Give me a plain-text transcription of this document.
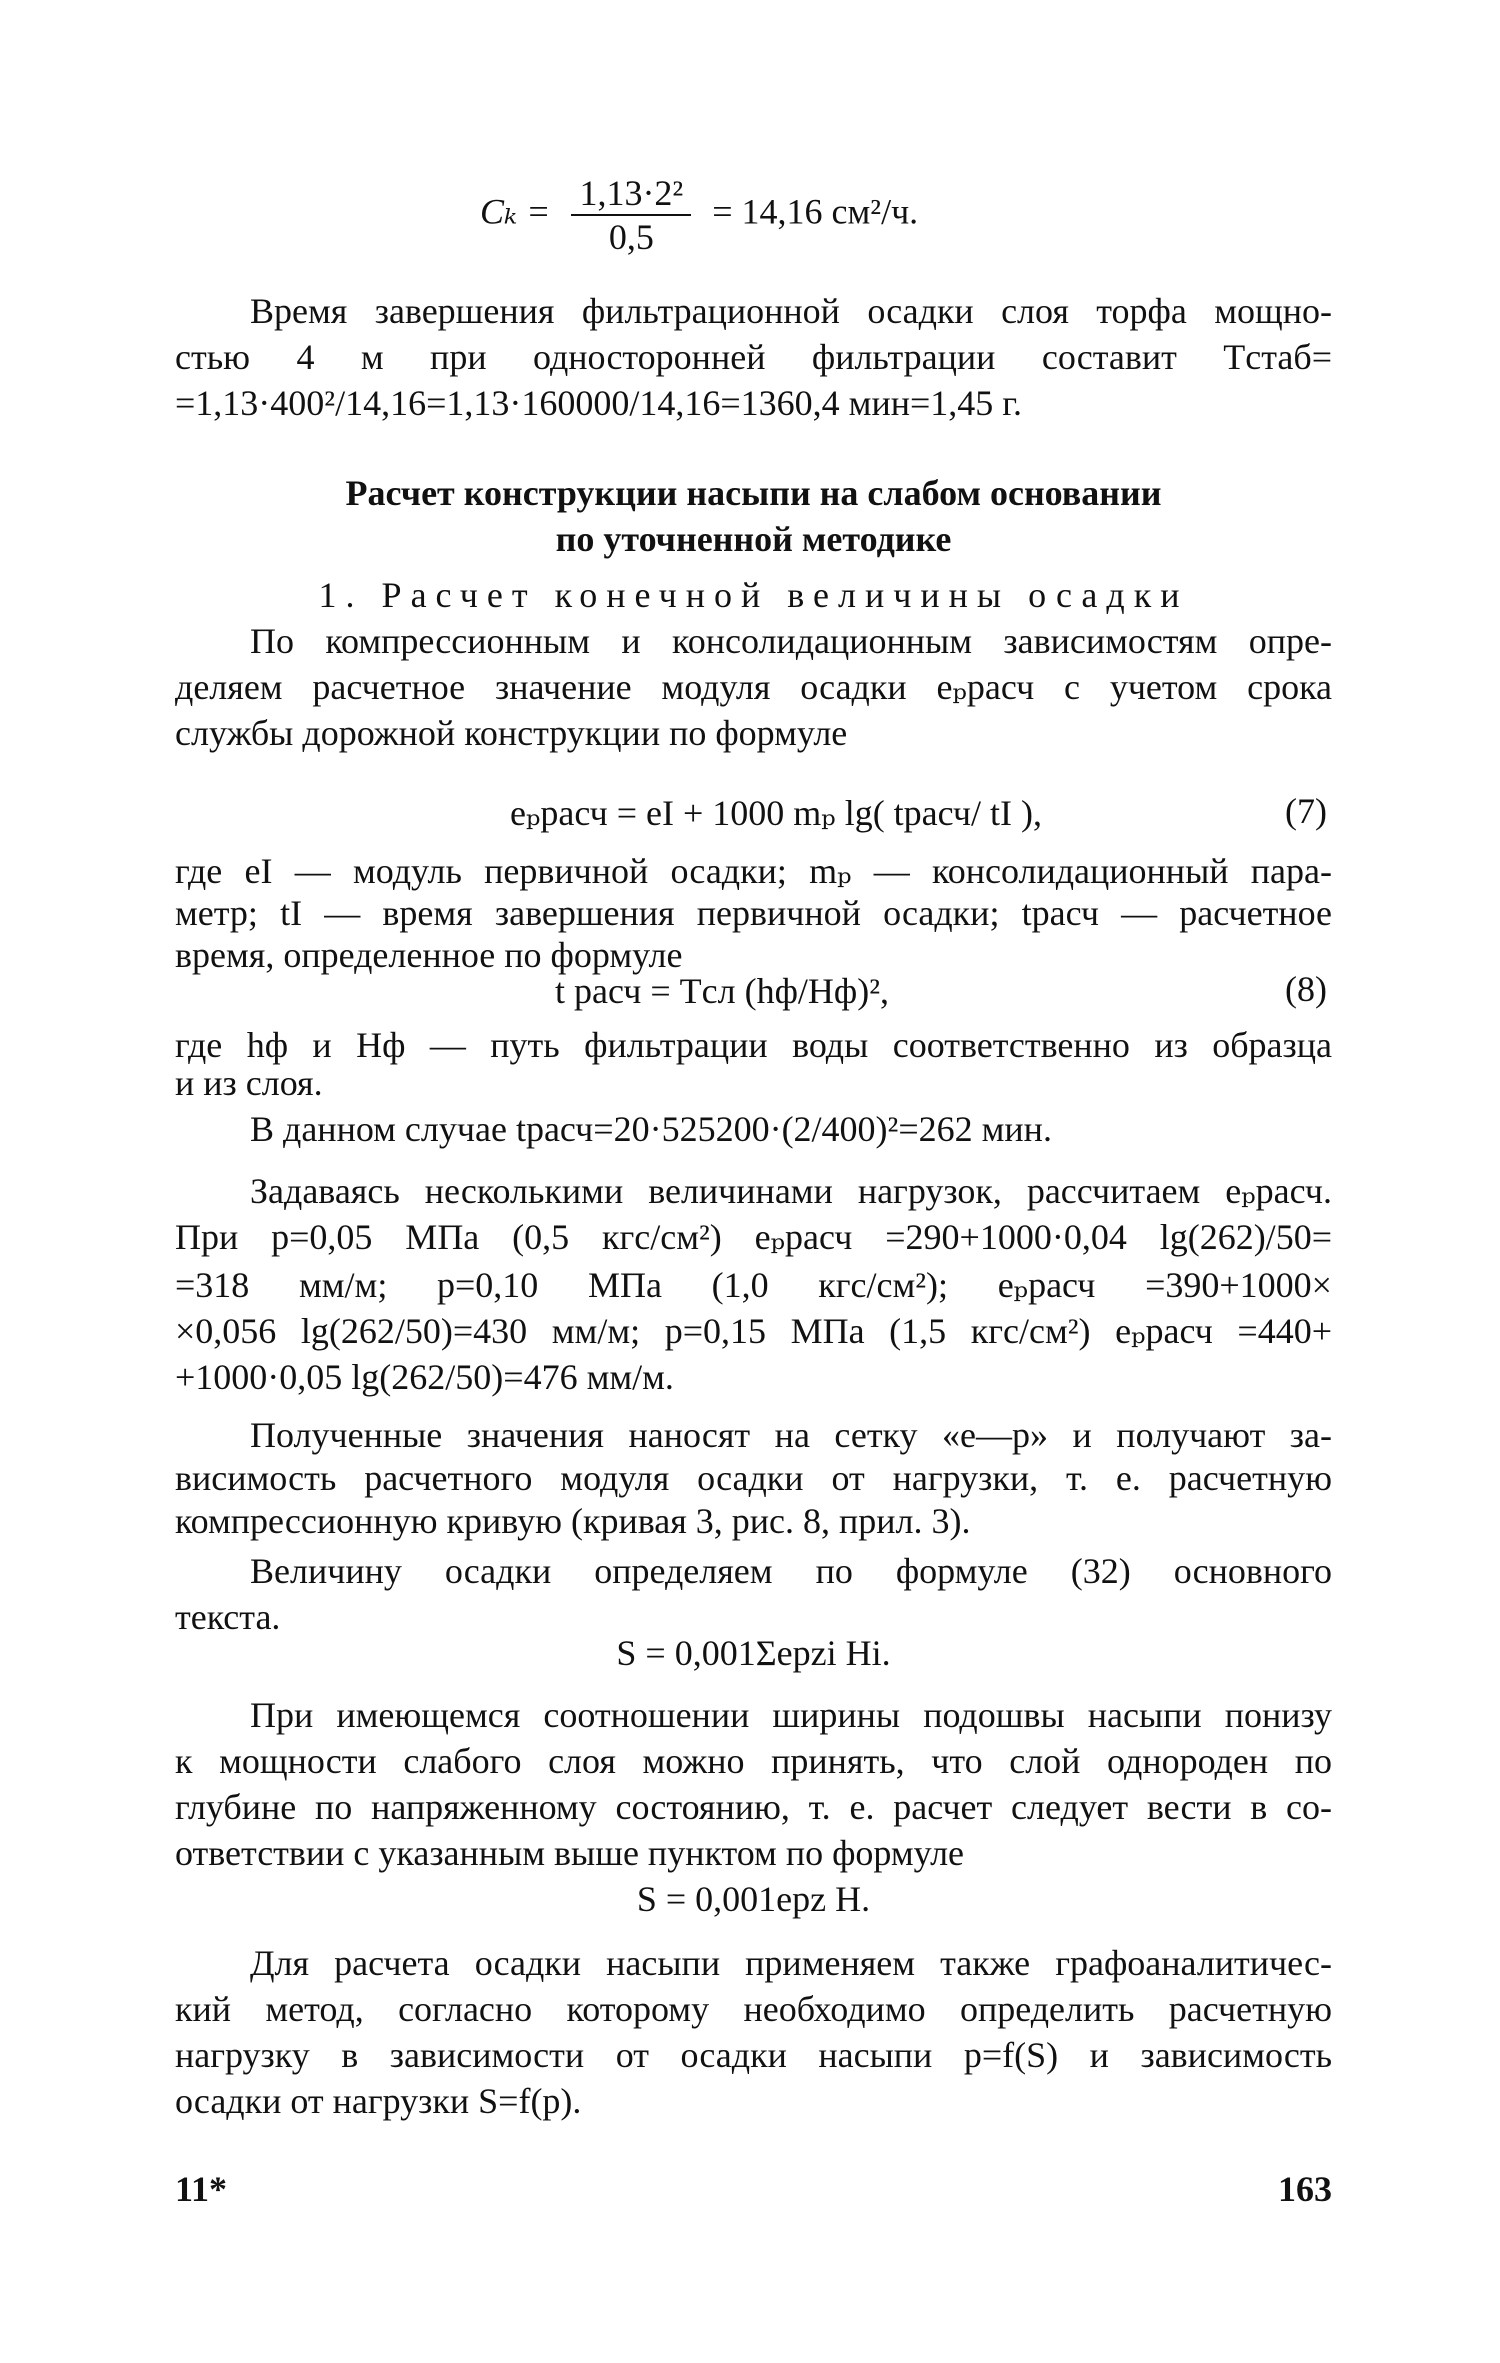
$C_k = \frac{\text{1,13·2²}}{0,5} = 14,16$ см²/ч.
Время завершения фильтрационной осадки слоя торфа мощно-
стью 4 м при односторонней фильтрации составит Tстаб=
=1,13·400²/14,16=1,13·160000/14,16=1360,4 мин=1,45 г.
Расчет конструкции насыпи на слабом основании
по уточненной методике
1. Расчет конечной величины осадки
По компрессионным и консолидационным зависимостям опре-
деляем расчетное значение модуля осадки eₚрасч с учетом срока
службы дорожной конструкции по формуле
eₚрасч = eI + 1000 mₚ lg( tрасч/ tI ),	(7)
где eI — модуль первичной осадки; mₚ — консолидационный пара-
метр; tI — время завершения первичной осадки; tрасч — расчетное
время, определенное по формуле
t расч = Tсл (hф/Hф)²,	(8)
где hф и Hф — путь фильтрации воды соответственно из образца
и из слоя.
В данном случае tрасч=20·525200·(2/400)²=262 мин.
Задаваясь несколькими величинами нагрузок, рассчитаем eₚрасч.
При p=0,05 МПа (0,5 кгс/см²) eₚрасч =290+1000·0,04 lg(262)/50=
=318 мм/м; p=0,10 МПа (1,0 кгс/см²); eₚрасч =390+1000×
×0,056 lg(262/50)=430 мм/м; p=0,15 МПа (1,5 кгс/см²) eₚрасч =440+
+1000·0,05 lg(262/50)=476 мм/м.
Полученные значения наносят на сетку «e—p» и получают за-
висимость расчетного модуля осадки от нагрузки, т. е. расчетную
компрессионную кривую (кривая 3, рис. 8, прил. 3).
Величину осадки определяем по формуле (32) основного
текста.
S = 0,001Σepzi Hi.
При имеющемся соотношении ширины подошвы насыпи понизу
к мощности слабого слоя можно принять, что слой однороден по
глубине по напряженному состоянию, т. е. расчет следует вести в со-
ответствии с указанным выше пунктом по формуле
S = 0,001epz H.
Для расчета осадки насыпи применяем также графоаналитичес-
кий метод, согласно которому необходимо определить расчетную
нагрузку в зависимости от осадки насыпи p=f(S) и зависимость
осадки от нагрузки S=f(p).
11*	163
